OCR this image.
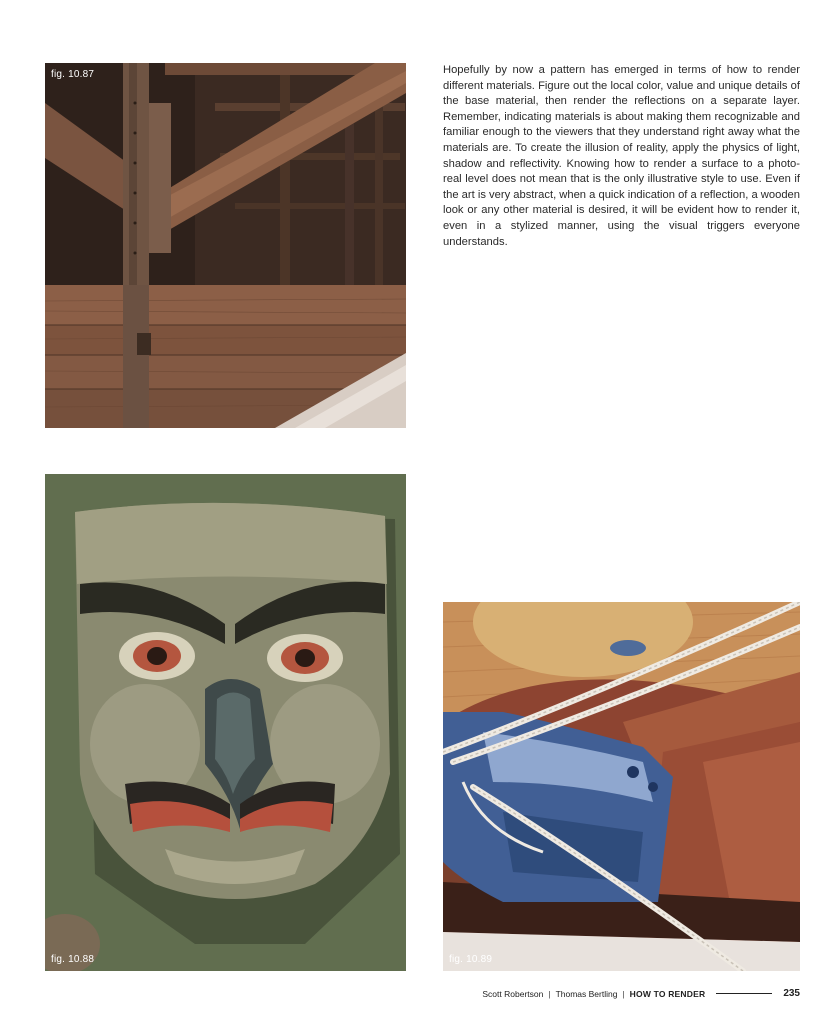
fig. 10.87
fig. 10.88

Hopefully by now a pattern has emerged in terms of how to render different materials. Figure out the local color, value and unique details of the base material, then render the reflections on a separate layer. Remember, indicating materials is about making them recognizable and familiar enough to the viewers that they understand right away what the materials are. To create the illusion of reality, apply the physics of light, shadow and reflectivity. Knowing how to render a surface to a photo-real level does not mean that is the only illustrative style to use. Even if the art is very abstract, when a quick indication of a reflection, a wooden look or any other material is desired, it will be evident how to render it, even in a stylized manner, using the visual triggers everyone understands.

fig. 10.89
Scott Robertson | Thomas Bertling | HOW TO RENDER	235
